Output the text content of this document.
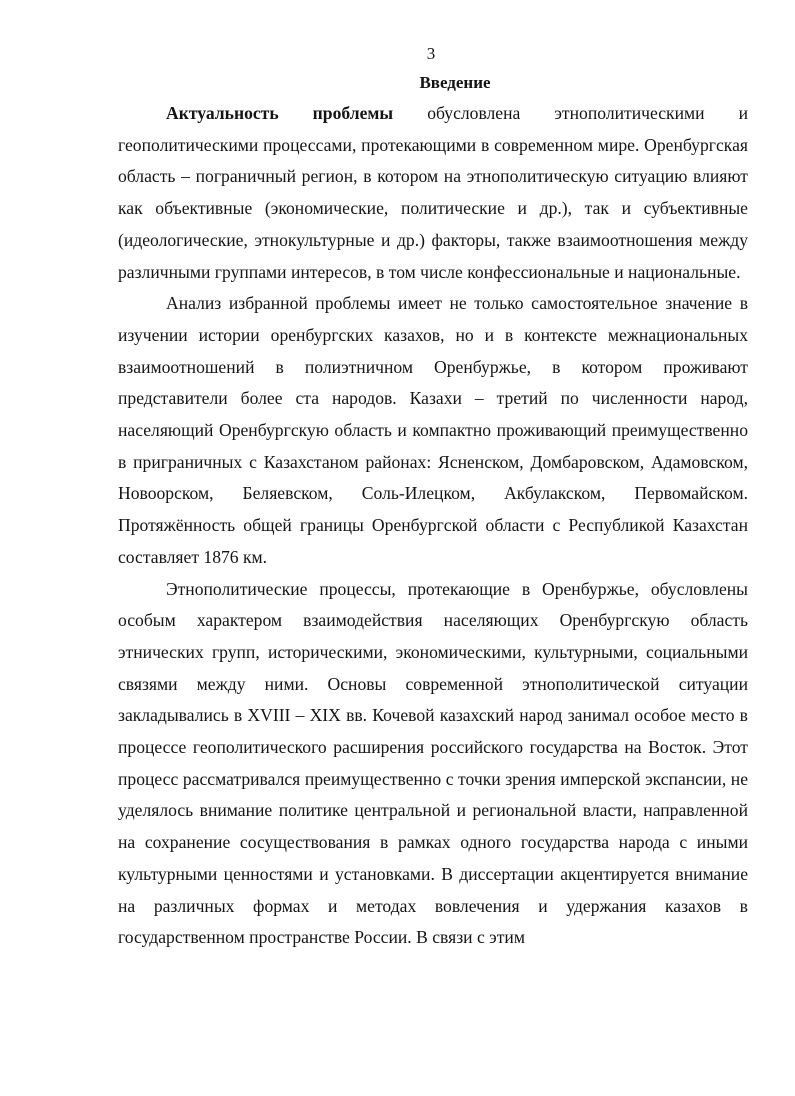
3
Введение

Актуальность проблемы обусловлена этнополитическими и геополитическими процессами, протекающими в современном мире. Оренбургская область – пограничный регион, в котором на этнополитическую ситуацию влияют как объективные (экономические, политические и др.), так и субъективные (идеологические, этнокультурные и др.) факторы, также взаимоотношения между различными группами интересов, в том числе конфессиональные и национальные.

Анализ избранной проблемы имеет не только самостоятельное значение в изучении истории оренбургских казахов, но и в контексте межнациональных взаимоотношений в полиэтничном Оренбуржье, в котором проживают представители более ста народов. Казахи – третий по численности народ, населяющий Оренбургскую область и компактно проживающий преимущественно в приграничных с Казахстаном районах: Ясненском, Домбаровском, Адамовском, Новоорском, Беляевском, Соль-Илецком, Акбулакском, Первомайском. Протяжённость общей границы Оренбургской области с Республикой Казахстан составляет 1876 км.

Этнополитические процессы, протекающие в Оренбуржье, обусловлены особым характером взаимодействия населяющих Оренбургскую область этнических групп, историческими, экономическими, культурными, социальными связями между ними. Основы современной этнополитической ситуации закладывались в XVIII – XIX вв. Кочевой казахский народ занимал особое место в процессе геополитического расширения российского государства на Восток. Этот процесс рассматривался преимущественно с точки зрения имперской экспансии, не уделялось внимание политике центральной и региональной власти, направленной на сохранение сосуществования в рамках одного государства народа с иными культурными ценностями и установками. В диссертации акцентируется внимание на различных формах и методах вовлечения и удержания казахов в государственном пространстве России. В связи с этим
